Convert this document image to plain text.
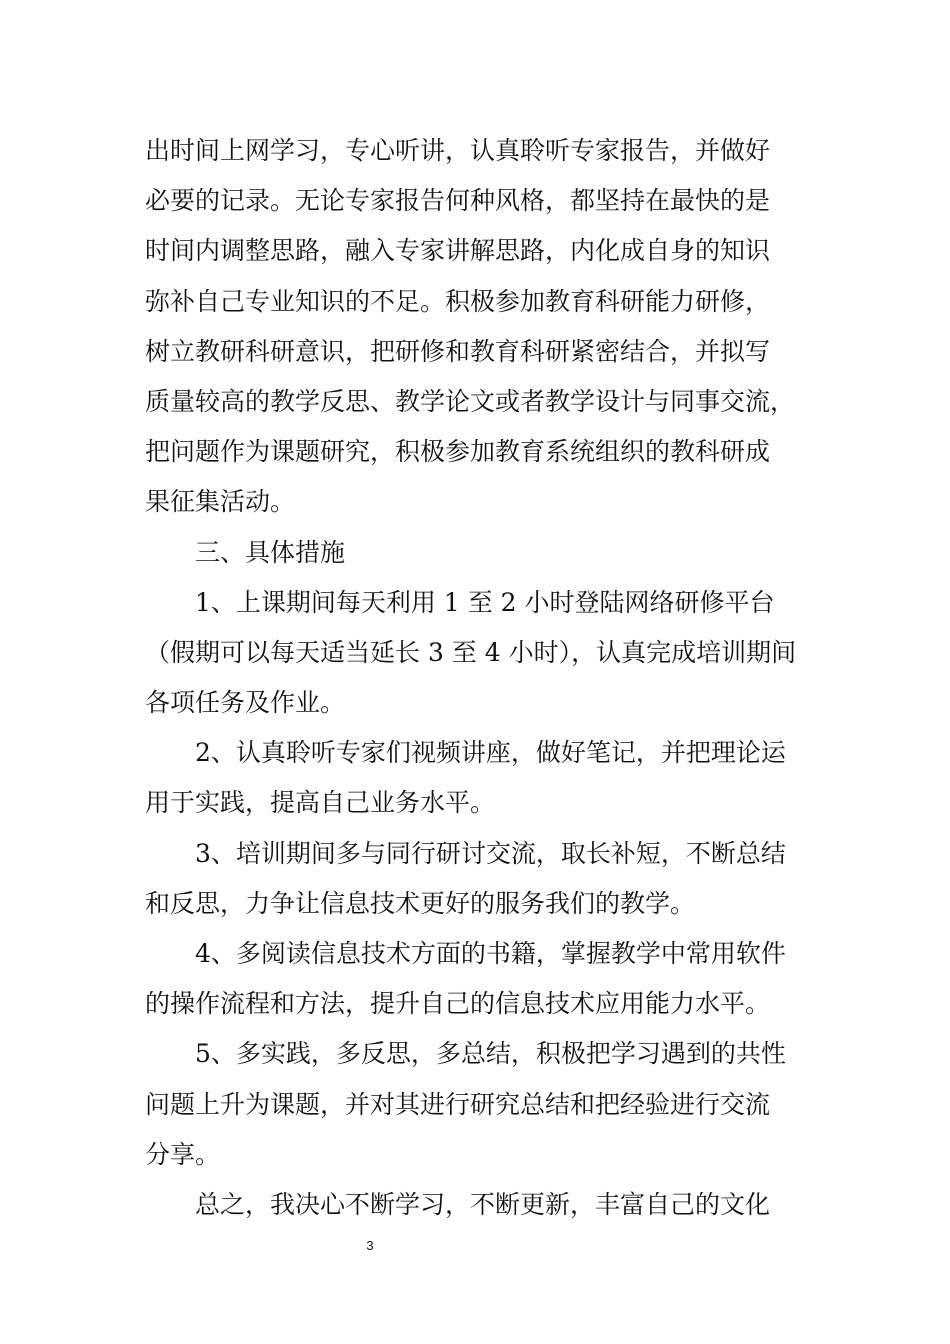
出时间上网学习，专心听讲，认真聆听专家报告，并做好
必要的记录。无论专家报告何种风格，都坚持在最快的是
时间内调整思路，融入专家讲解思路，内化成自身的知识
弥补自己专业知识的不足。积极参加教育科研能力研修，
树立教研科研意识，把研修和教育科研紧密结合，并拟写
质量较高的教学反思、教学论文或者教学设计与同事交流，
把问题作为课题研究，积极参加教育系统组织的教科研成
果征集活动。
三、具体措施
1、上课期间每天利用 1 至 2 小时登陆网络研修平台
（假期可以每天适当延长 3 至 4 小时），认真完成培训期间
各项任务及作业。
2、认真聆听专家们视频讲座，做好笔记，并把理论运
用于实践，提高自己业务水平。
3、培训期间多与同行研讨交流，取长补短，不断总结
和反思，力争让信息技术更好的服务我们的教学。
4、多阅读信息技术方面的书籍，掌握教学中常用软件
的操作流程和方法，提升自己的信息技术应用能力水平。
5、多实践，多反思，多总结，积极把学习遇到的共性
问题上升为课题，并对其进行研究总结和把经验进行交流
分享。
总之，我决心不断学习，不断更新，丰富自己的文化
3
